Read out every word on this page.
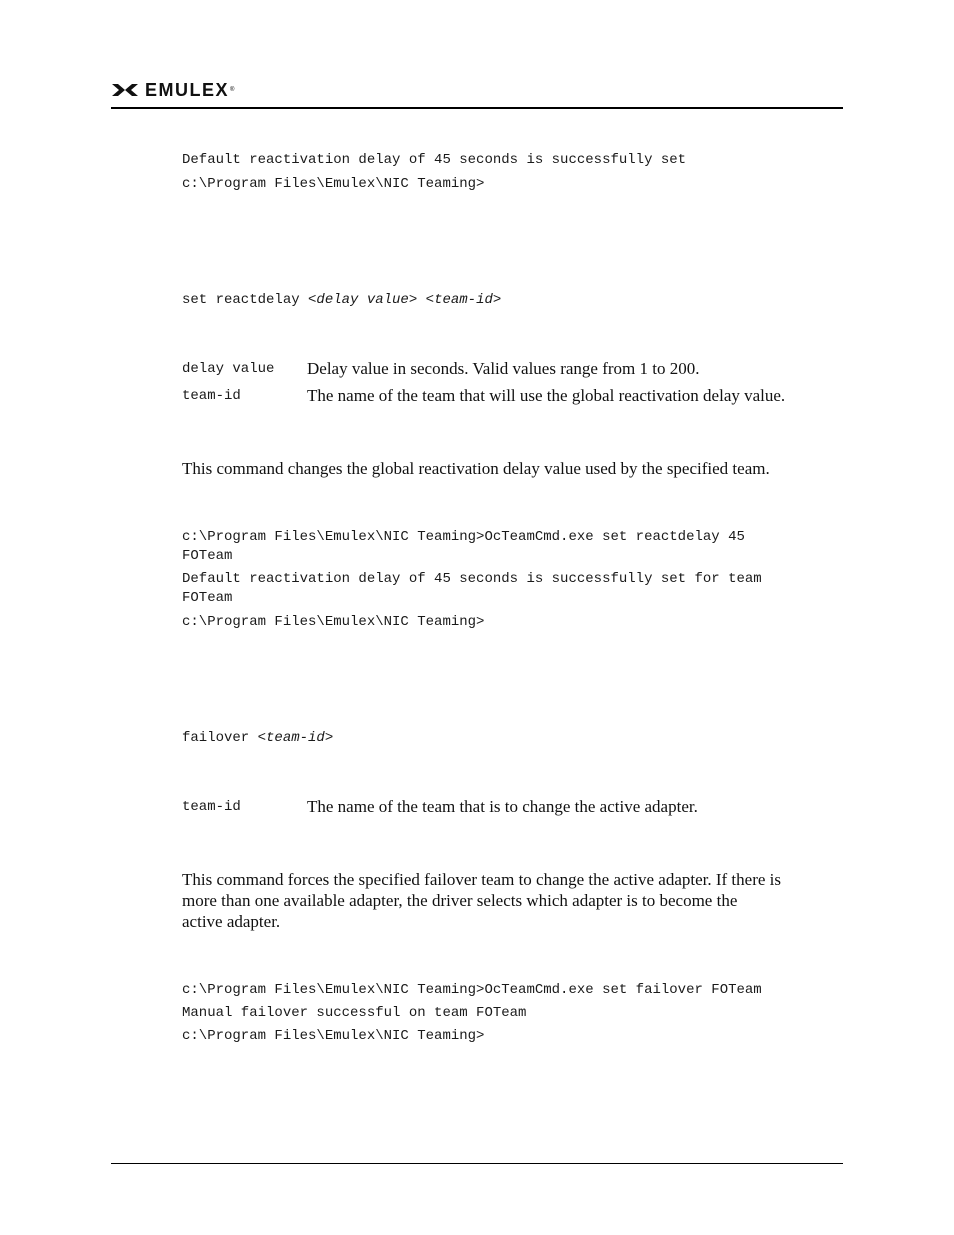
EMULEX ®
Default reactivation delay of 45 seconds is successfully set
c:\Program Files\Emulex\NIC Teaming>
set reactdelay <delay value> <team-id>
delay value Delay value in seconds. Valid values range from 1 to 200.
team-id	The name of the team that will use the global reactivation delay value.
This command changes the global reactivation delay value used by the specified team.
c:\Program Files\Emulex\NIC Teaming>OcTeamCmd.exe set reactdelay 45
FOTeam
Default reactivation delay of 45 seconds is successfully set for team
FOTeam
c:\Program Files\Emulex\NIC Teaming>
failover <team-id>
team-id	The name of the team that is to change the active adapter.
This command forces the specified failover team to change the active adapter. If there is
more than one available adapter, the driver selects which adapter is to become the
active adapter.
c:\Program Files\Emulex\NIC Teaming>OcTeamCmd.exe set failover FOTeam
Manual failover successful on team FOTeam
c:\Program Files\Emulex\NIC Teaming>
